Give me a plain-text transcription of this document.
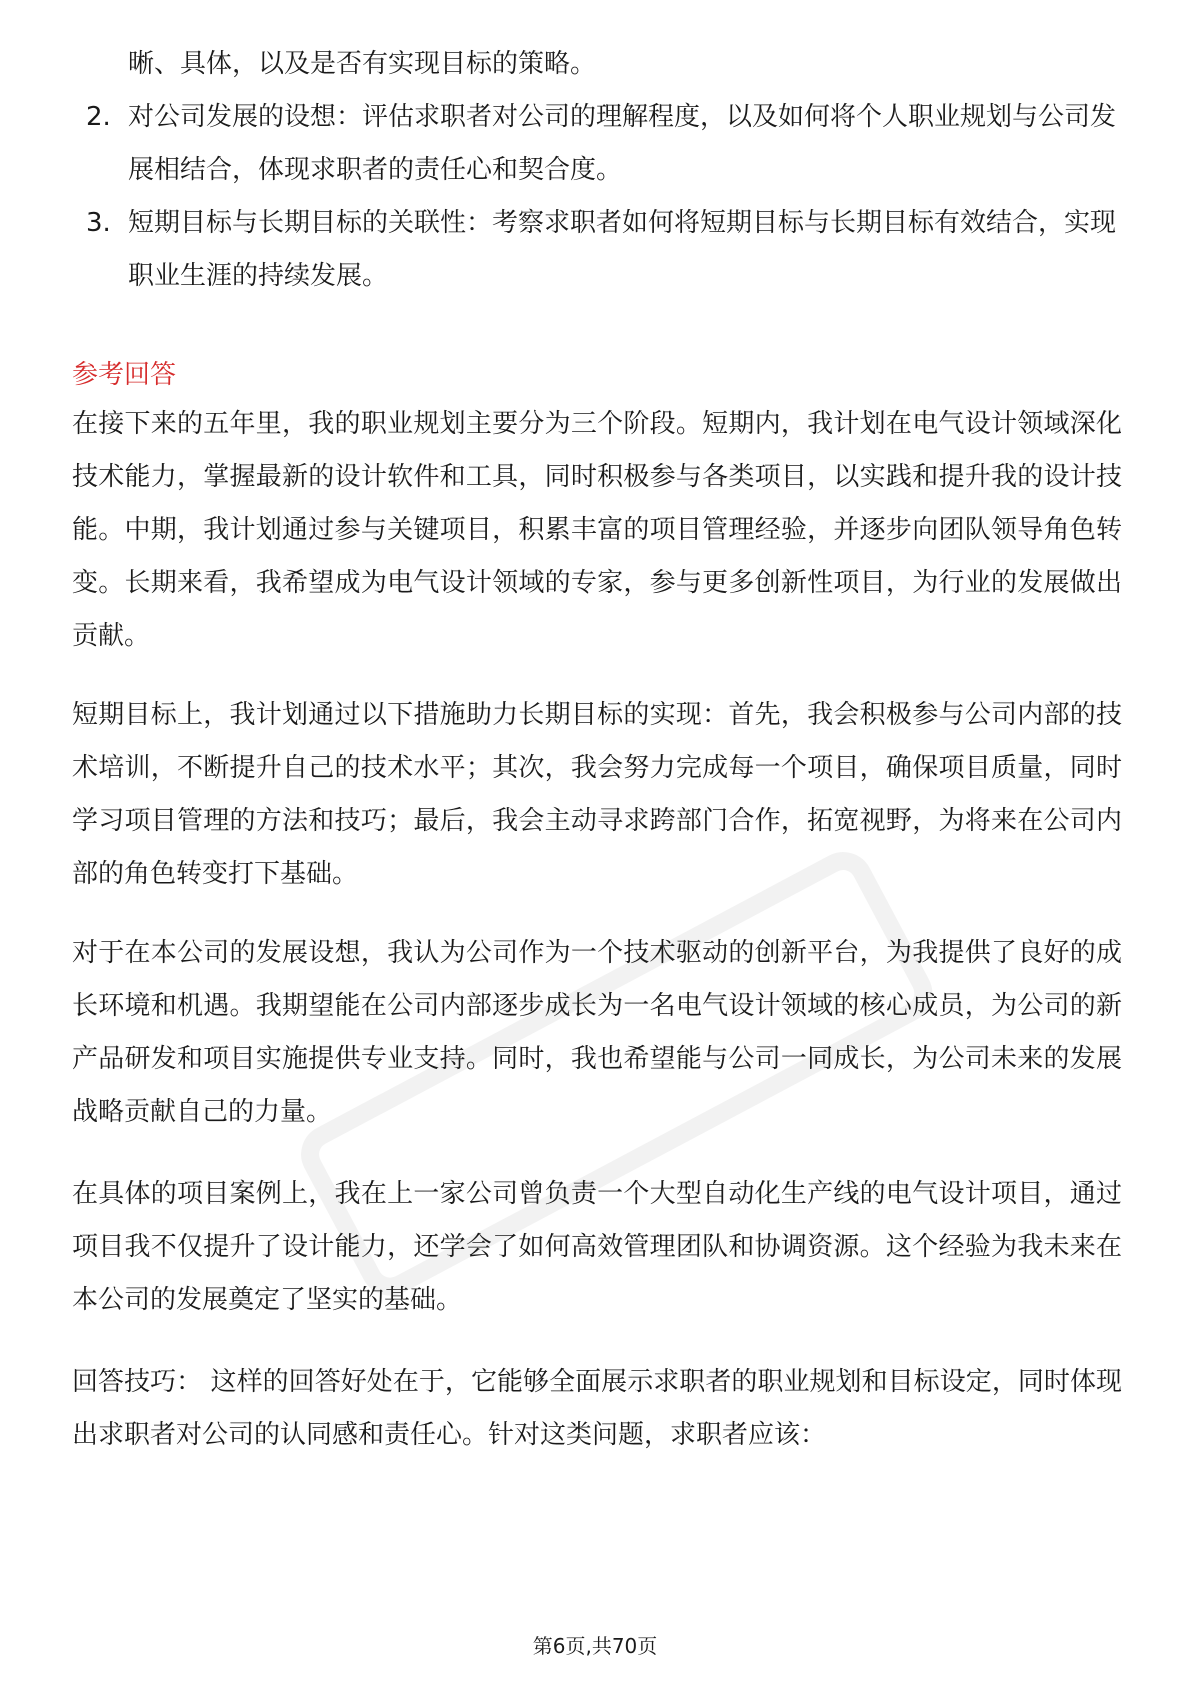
晰、具体，以及是否有实现目标的策略。

2. 对公司发展的设想：评估求职者对公司的理解程度，以及如何将个人职业规划与公司发展相结合，体现求职者的责任心和契合度。

3. 短期目标与长期目标的关联性：考察求职者如何将短期目标与长期目标有效结合，实现职业生涯的持续发展。

参考回答

在接下来的五年里，我的职业规划主要分为三个阶段。短期内，我计划在电气设计领域深化技术能力，掌握最新的设计软件和工具，同时积极参与各类项目，以实践和提升我的设计技能。中期，我计划通过参与关键项目，积累丰富的项目管理经验，并逐步向团队领导角色转变。长期来看，我希望成为电气设计领域的专家，参与更多创新性项目，为行业的发展做出贡献。

短期目标上，我计划通过以下措施助力长期目标的实现：首先，我会积极参与公司内部的技术培训，不断提升自己的技术水平；其次，我会努力完成每一个项目，确保项目质量，同时学习项目管理的方法和技巧；最后，我会主动寻求跨部门合作，拓宽视野，为将来在公司内部的角色转变打下基础。

对于在本公司的发展设想，我认为公司作为一个技术驱动的创新平台，为我提供了良好的成长环境和机遇。我期望能在公司内部逐步成长为一名电气设计领域的核心成员，为公司的新产品研发和项目实施提供专业支持。同时，我也希望能与公司一同成长，为公司未来的发展战略贡献自己的力量。

在具体的项目案例上，我在上一家公司曾负责一个大型自动化生产线的电气设计项目，通过项目我不仅提升了设计能力，还学会了如何高效管理团队和协调资源。这个经验为我未来在本公司的发展奠定了坚实的基础。

回答技巧： 这样的回答好处在于，它能够全面展示求职者的职业规划和目标设定，同时体现出求职者对公司的认同感和责任心。针对这类问题，求职者应该：

第6页,共70页
